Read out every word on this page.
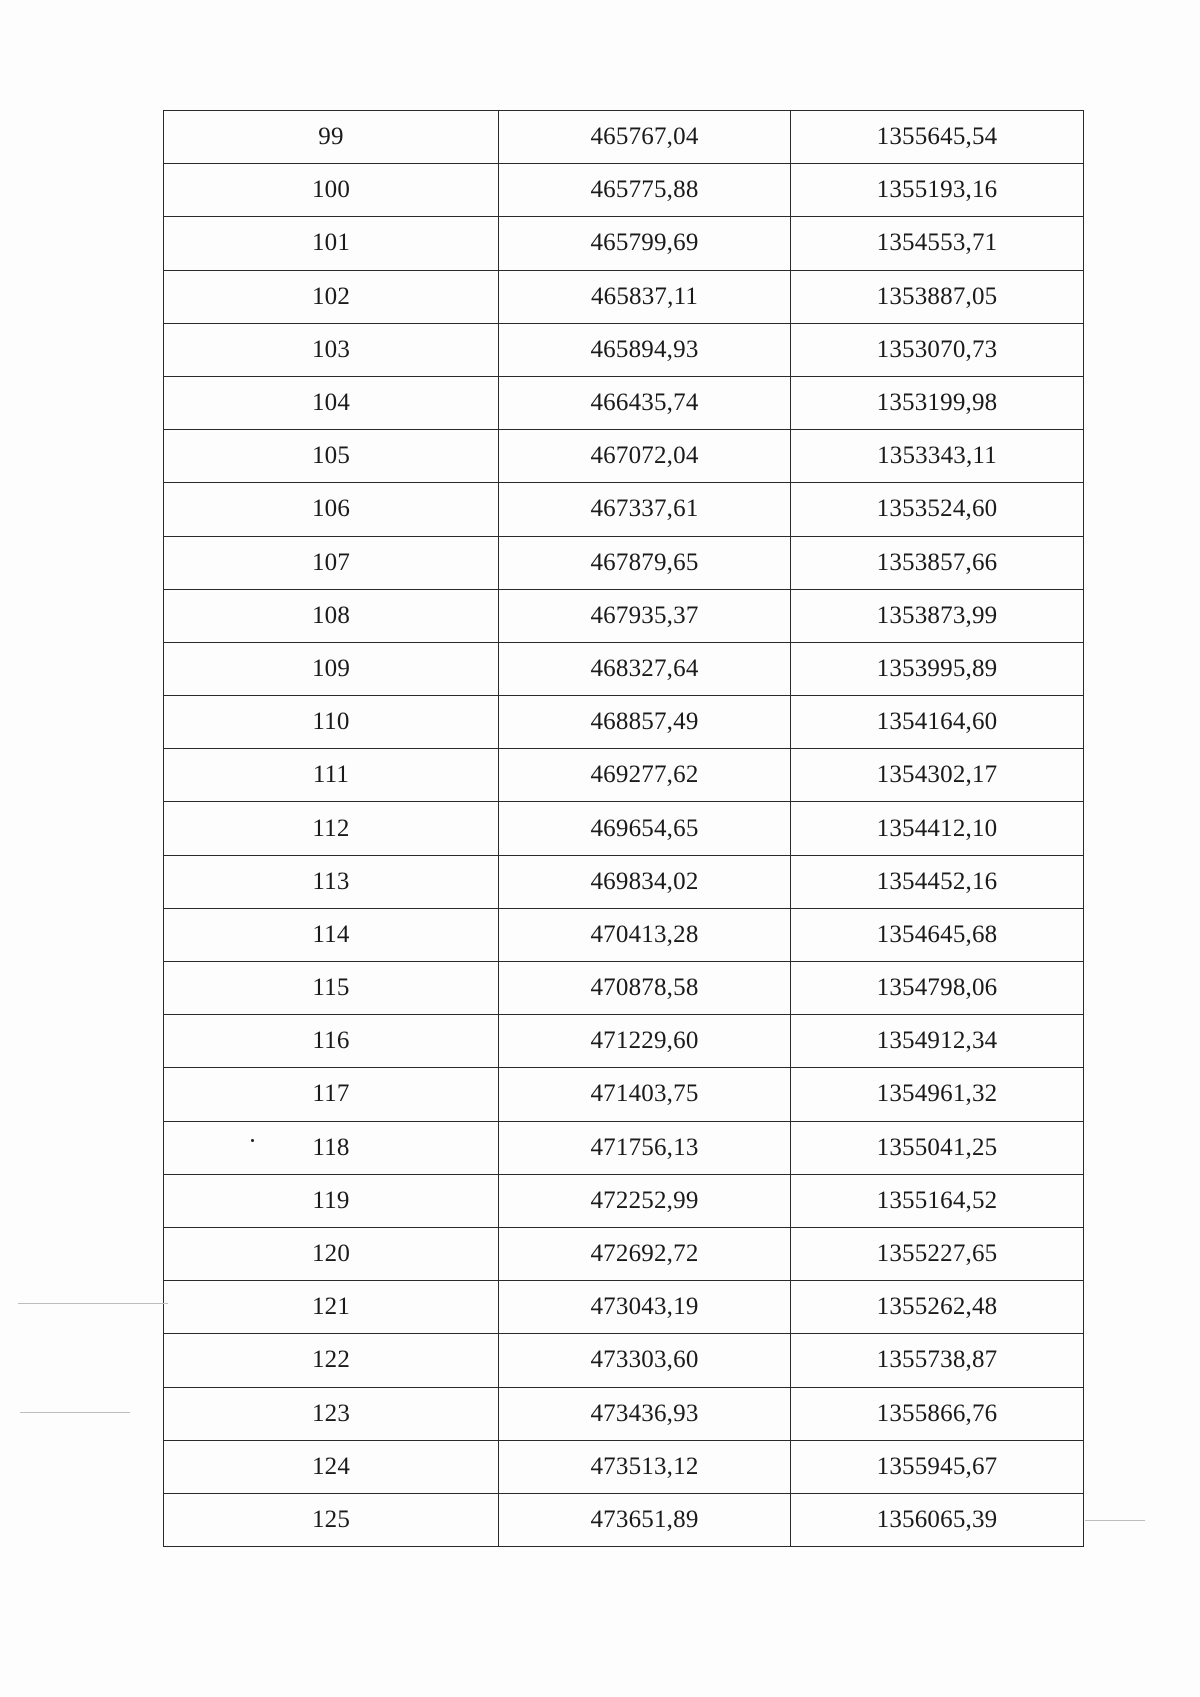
99	465767,04	1355645,54
100	465775,88	1355193,16
101	465799,69	1354553,71
102	465837,11	1353887,05
103	465894,93	1353070,73
104	466435,74	1353199,98
105	467072,04	1353343,11
106	467337,61	1353524,60
107	467879,65	1353857,66
108	467935,37	1353873,99
109	468327,64	1353995,89
110	468857,49	1354164,60
111	469277,62	1354302,17
112	469654,65	1354412,10
113	469834,02	1354452,16
114	470413,28	1354645,68
115	470878,58	1354798,06
116	471229,60	1354912,34
117	471403,75	1354961,32
118	471756,13	1355041,25
119	472252,99	1355164,52
120	472692,72	1355227,65
121	473043,19	1355262,48
122	473303,60	1355738,87
123	473436,93	1355866,76
124	473513,12	1355945,67
125	473651,89	1356065,39
